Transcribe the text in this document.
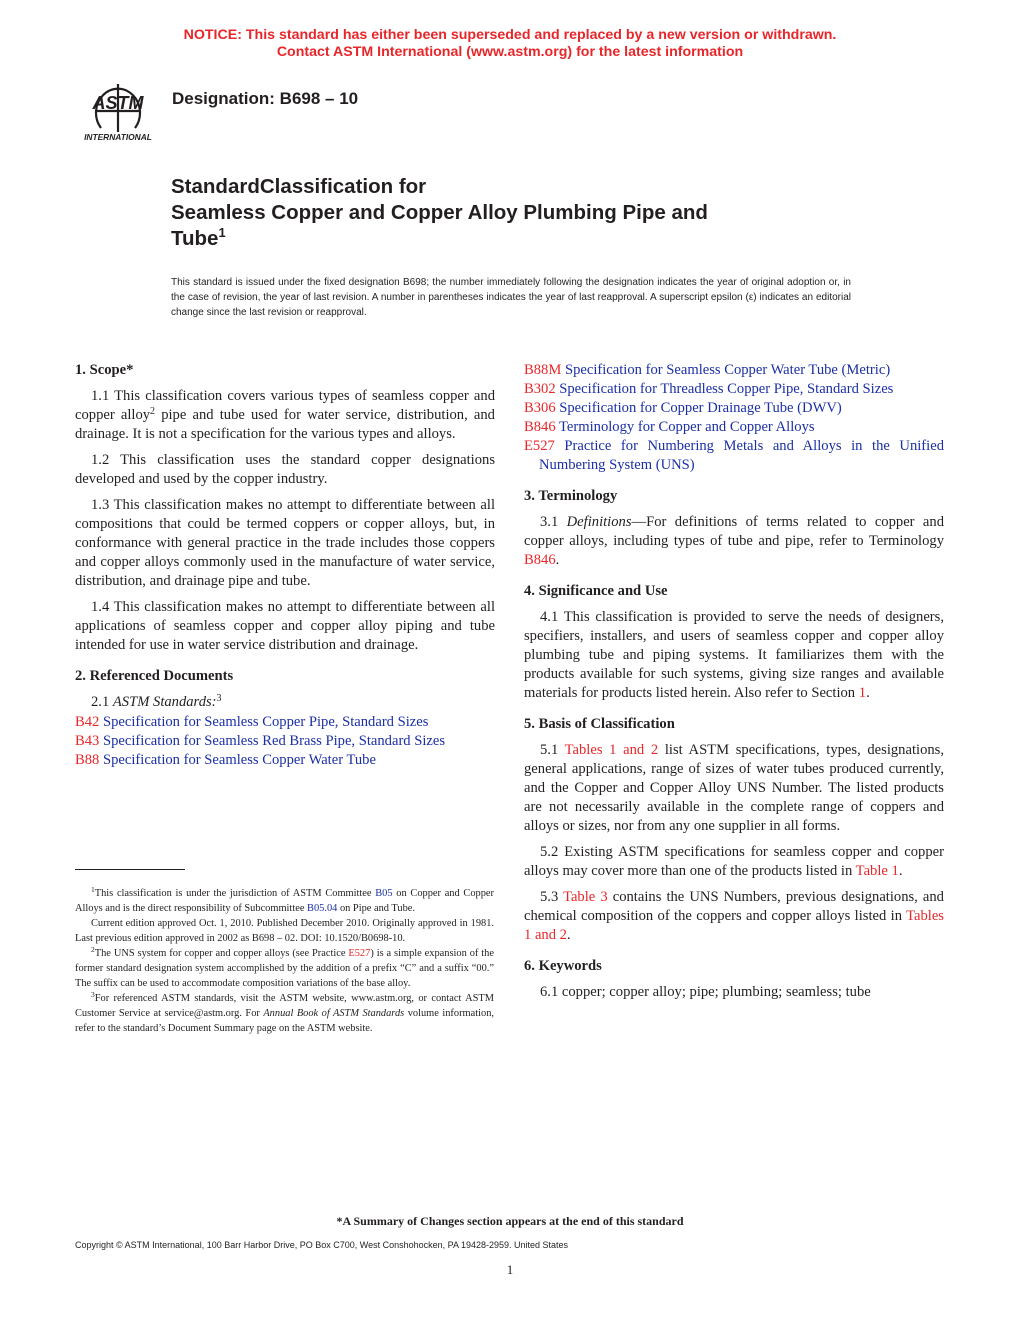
NOTICE: This standard has either been superseded and replaced by a new version or withdrawn.
Contact ASTM International (www.astm.org) for the latest information
ASTM
INTERNATIONAL
Designation: B698 – 10
StandardClassification for
Seamless Copper and Copper Alloy Plumbing Pipe and
Tube$^1$
This standard is issued under the fixed designation B698; the number immediately following the designation indicates the year of original adoption or, in the case of revision, the year of last revision. A number in parentheses indicates the year of last reapproval. A superscript epsilon (ε) indicates an editorial change since the last revision or reapproval.
1. Scope*

1.1 This classification covers various types of seamless copper and copper alloy$^2$ pipe and tube used for water service, distribution, and drainage. It is not a specification for the various types and alloys.

1.2 This classification uses the standard copper designations developed and used by the copper industry.

1.3 This classification makes no attempt to differentiate between all compositions that could be termed coppers or copper alloys, but, in conformance with general practice in the trade includes those coppers and copper alloys commonly used in the manufacture of water service, distribution, and drainage pipe and tube.

1.4 This classification makes no attempt to differentiate between all applications of seamless copper and copper alloy piping and tube intended for use in water service distribution and drainage.

2. Referenced Documents
2.1 ASTM Standards:$^3$
B42 Specification for Seamless Copper Pipe, Standard Sizes
B43 Specification for Seamless Red Brass Pipe, Standard Sizes
B88 Specification for Seamless Copper Water Tube

$^1$This classification is under the jurisdiction of ASTM Committee B05 on Copper and Copper Alloys and is the direct responsibility of Subcommittee B05.04 on Pipe and Tube.

Current edition approved Oct. 1, 2010. Published December 2010. Originally approved in 1981. Last previous edition approved in 2002 as B698 – 02. DOI: 10.1520/B0698-10.

$^2$The UNS system for copper and copper alloys (see Practice E527) is a simple expansion of the former standard designation system accomplished by the addition of a prefix “C” and a suffix “00.” The suffix can be used to accommodate composition variations of the base alloy.

$^3$For referenced ASTM standards, visit the ASTM website, www.astm.org, or contact ASTM Customer Service at service@astm.org. For Annual Book of ASTM Standards volume information, refer to the standard’s Document Summary page on the ASTM website.

B88M Specification for Seamless Copper Water Tube (Metric)
B302 Specification for Threadless Copper Pipe, Standard Sizes
B306 Specification for Copper Drainage Tube (DWV)
B846 Terminology for Copper and Copper Alloys
E527 Practice for Numbering Metals and Alloys in the Unified Numbering System (UNS)
3. Terminology

3.1 Definitions—For definitions of terms related to copper and copper alloys, including types of tube and pipe, refer to Terminology B846.

4. Significance and Use

4.1 This classification is provided to serve the needs of designers, specifiers, installers, and users of seamless copper and copper alloy plumbing tube and piping systems. It familiarizes them with the products available for such systems, giving size ranges and available materials for products listed herein. Also refer to Section 1.

5. Basis of Classification

5.1 Tables 1 and 2 list ASTM specifications, types, designations, general applications, range of sizes of water tubes produced currently, and the Copper and Copper Alloy UNS Number. The listed products are not necessarily available in the complete range of coppers and alloys or sizes, nor from any one supplier in all forms.

5.2 Existing ASTM specifications for seamless copper and copper alloys may cover more than one of the products listed in Table 1.

5.3 Table 3 contains the UNS Numbers, previous designations, and chemical composition of the coppers and copper alloys listed in Tables 1 and 2.

6. Keywords

6.1 copper; copper alloy; pipe; plumbing; seamless; tube

*A Summary of Changes section appears at the end of this standard
Copyright © ASTM International, 100 Barr Harbor Drive, PO Box C700, West Conshohocken, PA 19428-2959. United States
1
